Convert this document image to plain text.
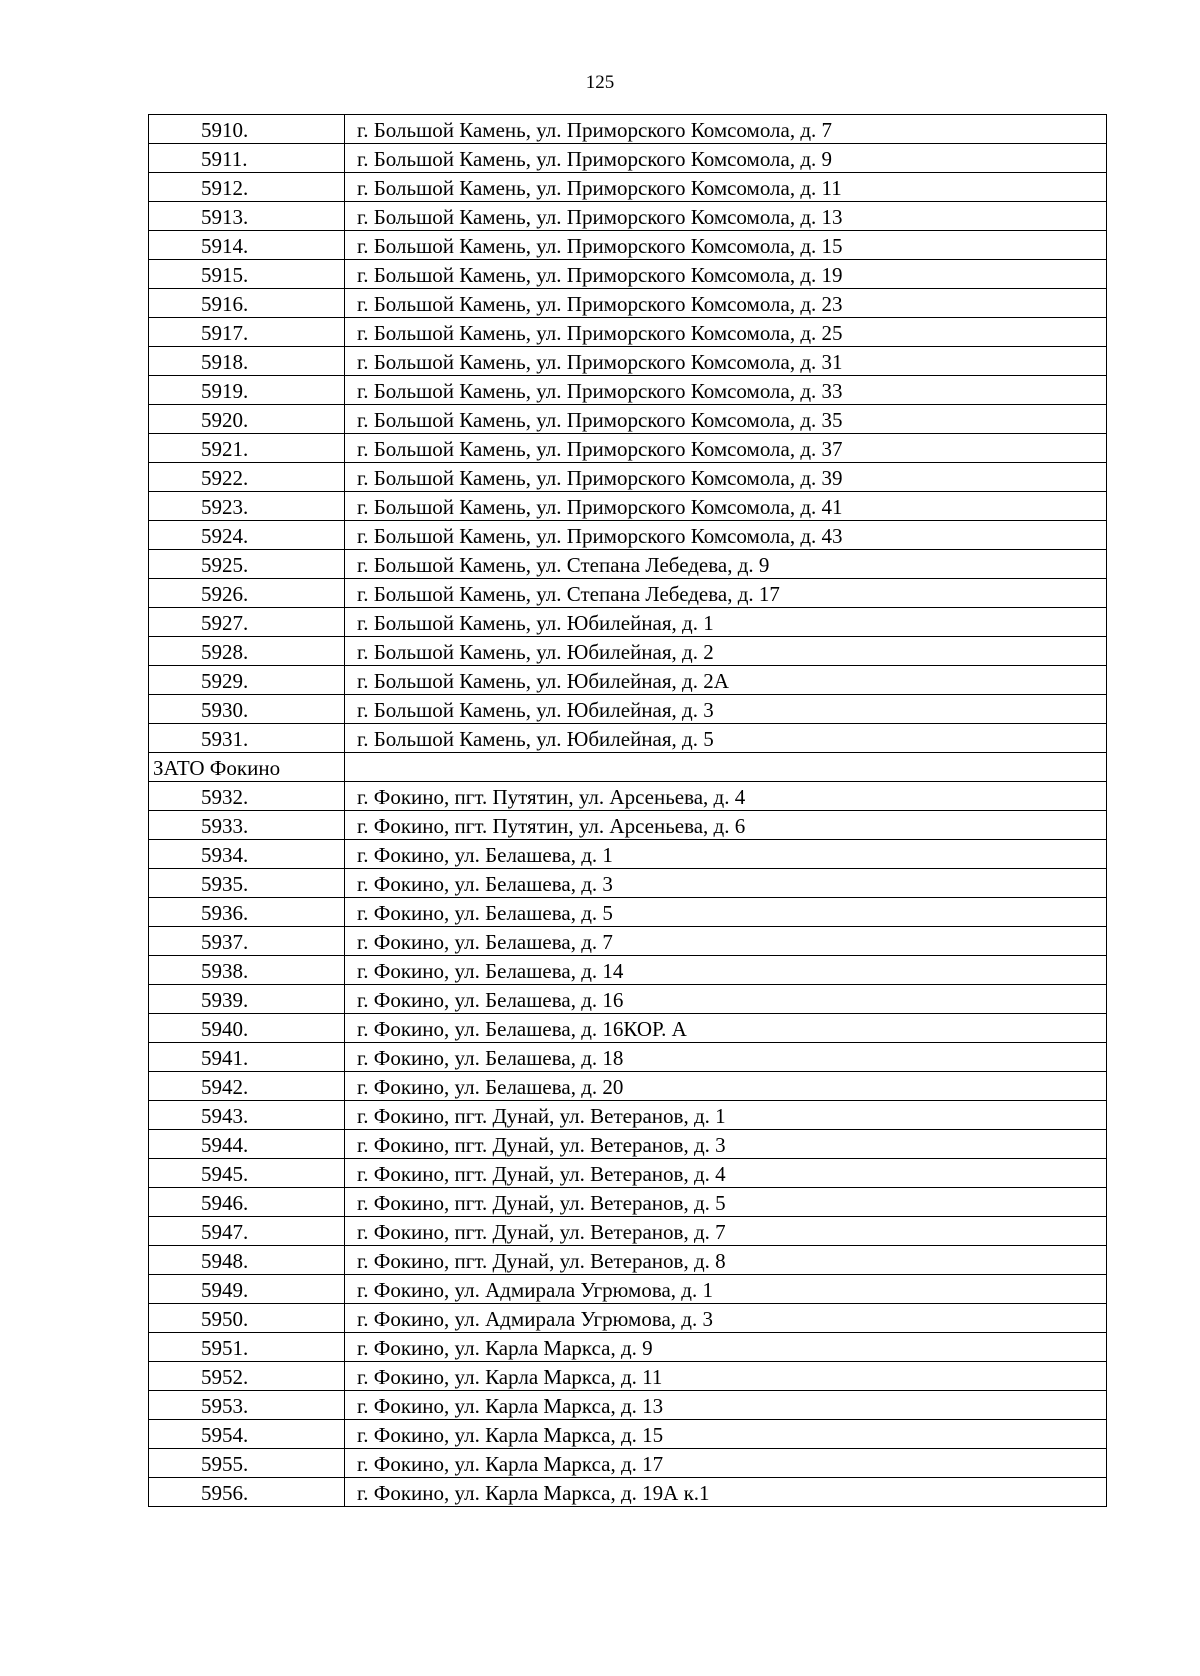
125
5910.	г. Большой Камень, ул. Приморского Комсомола, д. 7
5911.	г. Большой Камень, ул. Приморского Комсомола, д. 9
5912.	г. Большой Камень, ул. Приморского Комсомола, д. 11
5913.	г. Большой Камень, ул. Приморского Комсомола, д. 13
5914.	г. Большой Камень, ул. Приморского Комсомола, д. 15
5915.	г. Большой Камень, ул. Приморского Комсомола, д. 19
5916.	г. Большой Камень, ул. Приморского Комсомола, д. 23
5917.	г. Большой Камень, ул. Приморского Комсомола, д. 25
5918.	г. Большой Камень, ул. Приморского Комсомола, д. 31
5919.	г. Большой Камень, ул. Приморского Комсомола, д. 33
5920.	г. Большой Камень, ул. Приморского Комсомола, д. 35
5921.	г. Большой Камень, ул. Приморского Комсомола, д. 37
5922.	г. Большой Камень, ул. Приморского Комсомола, д. 39
5923.	г. Большой Камень, ул. Приморского Комсомола, д. 41
5924.	г. Большой Камень, ул. Приморского Комсомола, д. 43
5925.	г. Большой Камень, ул. Степана Лебедева, д. 9
5926.	г. Большой Камень, ул. Степана Лебедева, д. 17
5927.	г. Большой Камень, ул. Юбилейная, д. 1
5928.	г. Большой Камень, ул. Юбилейная, д. 2
5929.	г. Большой Камень, ул. Юбилейная, д. 2А
5930.	г. Большой Камень, ул. Юбилейная, д. 3
5931.	г. Большой Камень, ул. Юбилейная, д. 5
ЗАТО Фокино	
5932.	г. Фокино, пгт. Путятин, ул. Арсеньева, д. 4
5933.	г. Фокино, пгт. Путятин, ул. Арсеньева, д. 6
5934.	г. Фокино, ул. Белашева, д. 1
5935.	г. Фокино, ул. Белашева, д. 3
5936.	г. Фокино, ул. Белашева, д. 5
5937.	г. Фокино, ул. Белашева, д. 7
5938.	г. Фокино, ул. Белашева, д. 14
5939.	г. Фокино, ул. Белашева, д. 16
5940.	г. Фокино, ул. Белашева, д. 16КОР. А
5941.	г. Фокино, ул. Белашева, д. 18
5942.	г. Фокино, ул. Белашева, д. 20
5943.	г. Фокино, пгт. Дунай, ул. Ветеранов, д. 1
5944.	г. Фокино, пгт. Дунай, ул. Ветеранов, д. 3
5945.	г. Фокино, пгт. Дунай, ул. Ветеранов, д. 4
5946.	г. Фокино, пгт. Дунай, ул. Ветеранов, д. 5
5947.	г. Фокино, пгт. Дунай, ул. Ветеранов, д. 7
5948.	г. Фокино, пгт. Дунай, ул. Ветеранов, д. 8
5949.	г. Фокино, ул. Адмирала Угрюмова, д. 1
5950.	г. Фокино, ул. Адмирала Угрюмова, д. 3
5951.	г. Фокино, ул. Карла Маркса, д. 9
5952.	г. Фокино, ул. Карла Маркса, д. 11
5953.	г. Фокино, ул. Карла Маркса, д. 13
5954.	г. Фокино, ул. Карла Маркса, д. 15
5955.	г. Фокино, ул. Карла Маркса, д. 17
5956.	г. Фокино, ул. Карла Маркса, д. 19А к.1
